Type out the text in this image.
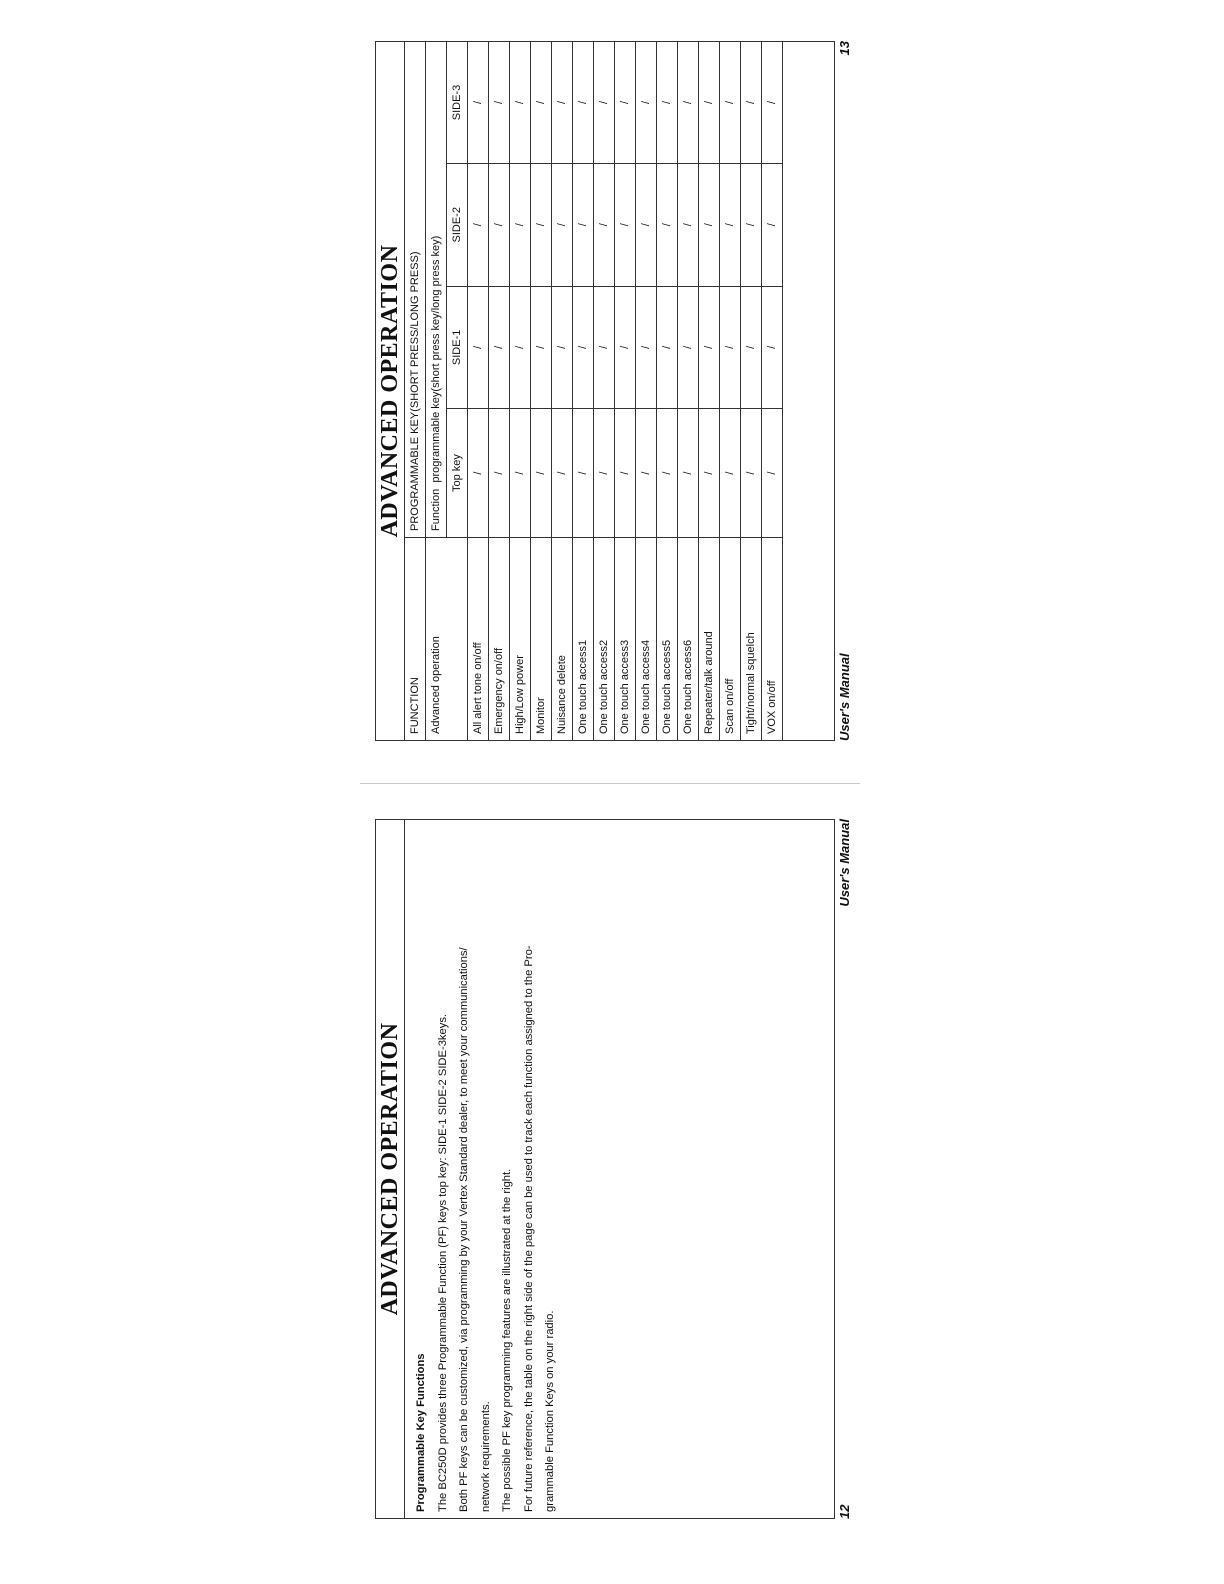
ADVANCED OPERATION

Programmable Key Functions The BC250D provides three Programmable Function (PF) keys top key: SIDE-1 SIDE-2 SIDE-3keys. Both PF keys can be customized, via programming by your Vertex Standard dealer, to meet your communications/ network requirements. The possible PF key programming features are illustrated at the right. For future reference, the table on the right side of the page can be used to track each function assigned to the Pro- grammable Function Keys on your radio.	12
User's Manual
ADVANCED OPERATION
FUNCTION	PROGRAMMABLE KEY(SHORT PRESS/LONG PRESS)			
Advanced operation	Function  programmable key(short press key/long press key)			
	Top key	SIDE-1	SIDE-2	SIDE-3
All alert tone on/off	/	/	/	/
Emergency on/off	/	/	/	/
High/Low power	/	/	/	/
Monitor	/	/	/	/
Nuisance delete	/	/	/	/
One touch access1	/	/	/	/
One touch access2	/	/	/	/
One touch access3	/	/	/	/
One touch access4	/	/	/	/
One touch access5	/	/	/	/
One touch access6	/	/	/	/
Repeater/talk around	/	/	/	/
Scan on/off	/	/	/	/
Tight/normal squelch	/	/	/	/
VOX on/off	/	/	/	/
User's Manual
13
